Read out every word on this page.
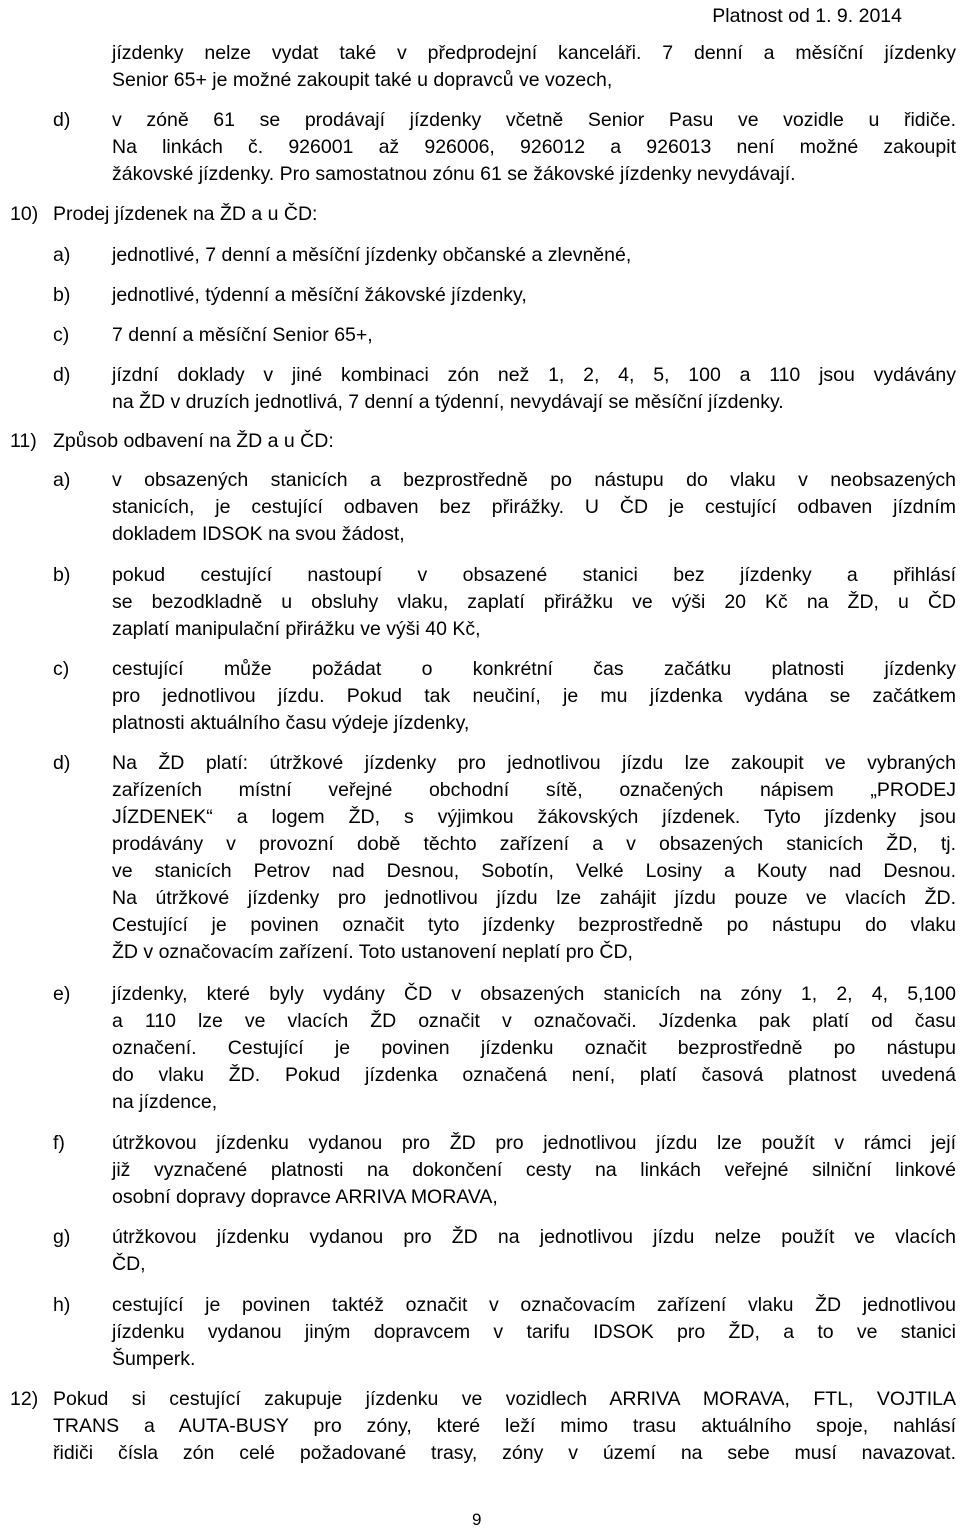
Platnost od 1. 9. 2014
jízdenky nelze vydat také v předprodejní kanceláři. 7 denní a měsíční jízdenky
Senior 65+ je možné zakoupit také u dopravců ve vozech,
d) v zóně 61 se prodávají jízdenky včetně Senior Pasu ve vozidle u řidiče.
Na linkách č. 926001 až 926006, 926012 a 926013 není možné zakoupit
žákovské jízdenky. Pro samostatnou zónu 61 se žákovské jízdenky nevydávají.
10) Prodej jízdenek na ŽD a u ČD:
a) jednotlivé, 7 denní a měsíční jízdenky občanské a zlevněné,
b) jednotlivé, týdenní a měsíční žákovské jízdenky,
c) 7 denní a měsíční Senior 65+,
d) jízdní doklady v jiné kombinaci zón než 1, 2, 4, 5, 100 a 110 jsou vydávány
na ŽD v druzích jednotlivá, 7 denní a týdenní, nevydávají se měsíční jízdenky.
11) Způsob odbavení na ŽD a u ČD:
a) v obsazených stanicích a bezprostředně po nástupu do vlaku v neobsazených
stanicích, je cestující odbaven bez přirážky. U ČD je cestující odbaven jízdním
dokladem IDSOK na svou žádost,
b) pokud cestující nastoupí v obsazené stanici bez jízdenky a přihlásí
se bezodkladně u obsluhy vlaku, zaplatí přirážku ve výši 20 Kč na ŽD, u ČD
zaplatí manipulační přirážku ve výši 40 Kč,
c) cestující může požádat o konkrétní čas začátku platnosti jízdenky
pro jednotlivou jízdu. Pokud tak neučiní, je mu jízdenka vydána se začátkem
platnosti aktuálního času výdeje jízdenky,
d) Na ŽD platí: útržkové jízdenky pro jednotlivou jízdu lze zakoupit ve vybraných
zařízeních místní veřejné obchodní sítě, označených nápisem „PRODEJ
JÍZDENEK“ a logem ŽD, s výjimkou žákovských jízdenek. Tyto jízdenky jsou
prodávány v provozní době těchto zařízení a v obsazených stanicích ŽD, tj.
ve stanicích Petrov nad Desnou, Sobotín, Velké Losiny a Kouty nad Desnou.
Na útržkové jízdenky pro jednotlivou jízdu lze zahájit jízdu pouze ve vlacích ŽD.
Cestující je povinen označit tyto jízdenky bezprostředně po nástupu do vlaku
ŽD v označovacím zařízení. Toto ustanovení neplatí pro ČD,
e) jízdenky, které byly vydány ČD v obsazených stanicích na zóny 1, 2, 4, 5,100
a 110 lze ve vlacích ŽD označit v označovači. Jízdenka pak platí od času
označení. Cestující je povinen jízdenku označit bezprostředně po nástupu
do vlaku ŽD. Pokud jízdenka označená není, platí časová platnost uvedená
na jízdence,
f) útržkovou jízdenku vydanou pro ŽD pro jednotlivou jízdu lze použít v rámci její
již vyznačené platnosti na dokončení cesty na linkách veřejné silniční linkové
osobní dopravy dopravce ARRIVA MORAVA,
g) útržkovou jízdenku vydanou pro ŽD na jednotlivou jízdu nelze použít ve vlacích
ČD,
h) cestující je povinen taktéž označit v označovacím zařízení vlaku ŽD jednotlivou
jízdenku vydanou jiným dopravcem v tarifu IDSOK pro ŽD, a to ve stanici
Šumperk.
12) Pokud si cestující zakupuje jízdenku ve vozidlech ARRIVA MORAVA, FTL, VOJTILA
TRANS a AUTA-BUSY pro zóny, které leží mimo trasu aktuálního spoje, nahlásí
řidiči čísla zón celé požadované trasy, zóny v území na sebe musí navazovat.
9
